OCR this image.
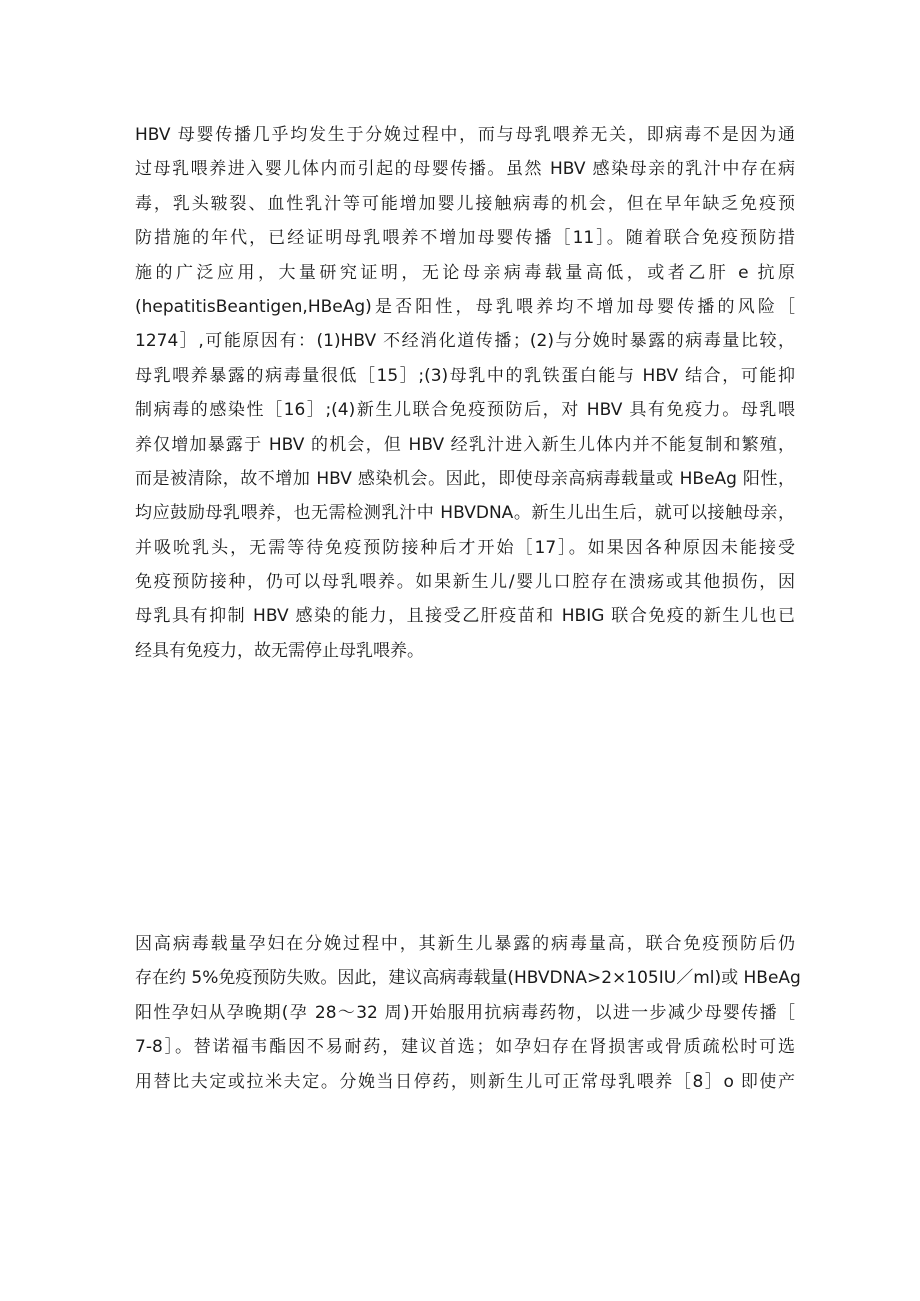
HBV 母婴传播几乎均发生于分娩过程中，而与母乳喂养无关，即病毒不是因为通
过母乳喂养进入婴儿体内而引起的母婴传播。虽然 HBV 感染母亲的乳汁中存在病
毒，乳头皲裂、血性乳汁等可能增加婴儿接触病毒的机会，但在早年缺乏免疫预
防措施的年代，已经证明母乳喂养不增加母婴传播［11］。随着联合免疫预防措
施的广泛应用，大量研究证明，无论母亲病毒载量高低，或者乙肝 e 抗原
(hepatitisBeantigen,HBeAg)是否阳性，母乳喂养均不增加母婴传播的风险［
1274］,可能原因有：(1)HBV 不经消化道传播；(2)与分娩时暴露的病毒量比较，
母乳喂养暴露的病毒量很低［15］;(3)母乳中的乳铁蛋白能与 HBV 结合，可能抑
制病毒的感染性［16］;(4)新生儿联合免疫预防后，对 HBV 具有免疫力。母乳喂
养仅增加暴露于 HBV 的机会，但 HBV 经乳汁进入新生儿体内并不能复制和繁殖，
而是被清除，故不增加 HBV 感染机会。因此，即使母亲高病毒载量或 HBeAg 阳性，
均应鼓励母乳喂养，也无需检测乳汁中 HBVDNA。新生儿出生后，就可以接触母亲，
并吸吮乳头，无需等待免疫预防接种后才开始［17］。如果因各种原因未能接受
免疫预防接种，仍可以母乳喂养。如果新生儿/婴儿口腔存在溃疡或其他损伤，因
母乳具有抑制 HBV 感染的能力，且接受乙肝疫苗和 HBIG 联合免疫的新生儿也已
经具有免疫力，故无需停止母乳喂养。

因高病毒载量孕妇在分娩过程中，其新生儿暴露的病毒量高，联合免疫预防后仍
存在约 5%免疫预防失败。因此，建议高病毒载量(HBVDNA>2×105IU／ml)或 HBeAg
阳性孕妇从孕晚期(孕 28～32 周)开始服用抗病毒药物，以进一步减少母婴传播［
7-8］。替诺福韦酯因不易耐药，建议首选；如孕妇存在肾损害或骨质疏松时可选
用替比夫定或拉米夫定。分娩当日停药，则新生儿可正常母乳喂养［8］o 即使产
